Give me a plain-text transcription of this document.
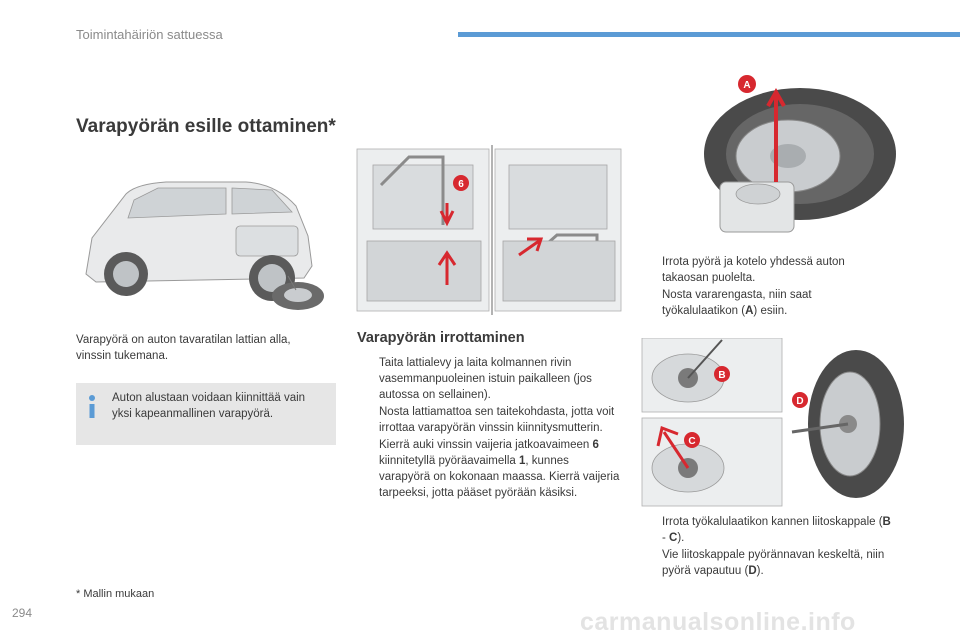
Toimintahäiriön sattuessa
Varapyörän esille ottaminen*
6
A
B
C
D

Varapyörä on auton tavaratilan lattian alla, vinssin tukemana.

Auton alustaan voidaan kiinnittää vain yksi kapeanmallinen varapyörä.

Varapyörän irrottaminen
Taita lattialevy ja laita kolmannen rivin vasemmanpuoleinen istuin paikalleen (jos autossa on sellainen).
Nosta lattiamattoa sen taitekohdasta, jotta voit irrottaa varapyörän vinssin kiinnitysmutterin.
Kierrä auki vinssin vaijeria jatkoavaimeen 6 kiinnitetyllä pyöräavaimella 1, kunnes varapyörä on kokonaan maassa. Kierrä vaijeria tarpeeksi, jotta pääset pyörään käsiksi.
Irrota pyörä ja kotelo yhdessä auton takaosan puolelta.
Nosta vararengasta, niin saat työkalulaatikon (A) esiin.
Irrota työkalulaatikon kannen liitoskappale (B - C).
Vie liitoskappale pyörännavan keskeltä, niin pyörä vapautuu (D).
* Mallin mukaan
294	carmanualsonline.info
